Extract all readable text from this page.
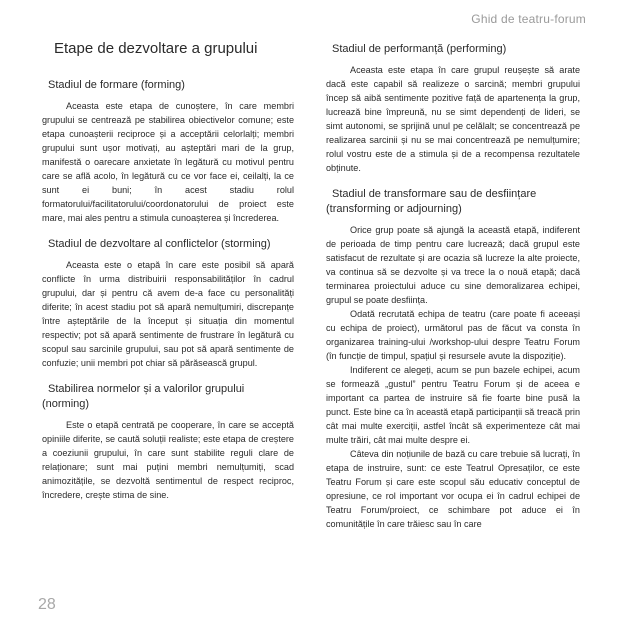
Ghid de teatru-forum
Etape de dezvoltare a grupului
Stadiul de formare (forming)

Aceasta este etapa de cunoștere, în care membri grupului se centrează pe stabilirea obiectivelor comune; este etapa cunoașterii reciproce și a acceptării celorlalți; membri grupului sunt ușor motivați, au așteptări mari de la grup, manifestă o oarecare anxietate în legătură cu motivul pentru care se află acolo, în legătură cu ce vor face ei, ceilalți, la ce sunt ei buni; în acest stadiu rolul formatorului/facilitatorului/coordonatorului de proiect este mare, mai ales pentru a stimula cunoașterea și încrederea.

Stadiul de dezvoltare al conflictelor (storming)

Aceasta este o etapă în care este posibil să apară conflicte în urma distribuirii responsabilităților în cadrul grupului, dar și pentru că avem de-a face cu personalități diferite; în acest stadiu pot să apară nemulțumiri, discrepanțe între așteptările de la început și situația din momentul respectiv; pot să apară sentimente de frustrare în legătură cu scopul sau sarcinile grupului, sau pot să apară sentimente de confuzie; unii membri pot chiar să părăsească grupul.

Stabilirea normelor și a valorilor grupului (norming)

Este o etapă centrată pe cooperare, în care se acceptă opiniile diferite, se caută soluții realiste; este etapa de creștere a coeziunii grupului, în care sunt stabilite reguli clare de relaționare; sunt mai puțini membri nemulțumiți, scad animozitățile, se dezvoltă sentimentul de respect reciproc, încredere, crește stima de sine.

Stadiul de performanță (performing)

Aceasta este etapa în care grupul reușește să arate dacă este capabil să realizeze o sarcină; membri grupului încep să aibă sentimente pozitive față de apartenența la grup, lucrează bine împreună, nu se simt dependenți de lideri, se simt autonomi, se sprijină unul pe celălalt; se concentrează pe realizarea sarcinii și nu se mai concentrează pe nemulțumire; rolul vostru este de a stimula și de a recompensa rezultatele obținute.

Stadiul de transformare sau de desființare (transforming or adjourning)

Orice grup poate să ajungă la această etapă, indiferent de perioada de timp pentru care lucrează; dacă grupul este satisfacut de rezultate și are ocazia să lucreze la alte proiecte, va continua să se dezvolte și va trece la o nouă etapă; dacă terminarea proiectului aduce cu sine demoralizarea echipei, grupul se poate desființa.

Odată recrutată echipa de teatru (care poate fi aceeași cu echipa de proiect), următorul pas de făcut va consta în organizarea training-ului /workshop-ului despre Teatru Forum (în funcție de timpul, spațiul și resursele avute la dispoziție).

Indiferent ce alegeți, acum se pun bazele echipei, acum se formează „gustul” pentru Teatru Forum și de aceea e important ca partea de instruire să fie foarte bine pusă la punct. Este bine ca în această etapă participanții să treacă prin cât mai multe exerciții, astfel încât să experimenteze cât mai multe trăiri, cât mai multe despre ei.

Câteva din noțiunile de bază cu care trebuie să lucrați, în etapa de instruire, sunt: ce este Teatrul Opresaților, ce este Teatru Forum și care este scopul său educativ conceptul de opresiune, ce rol important vor ocupa ei în cadrul echipei de Teatru Forum/proiect, ce schimbare pot aduce ei în comunitățile în care trăiesc sau în care

28
